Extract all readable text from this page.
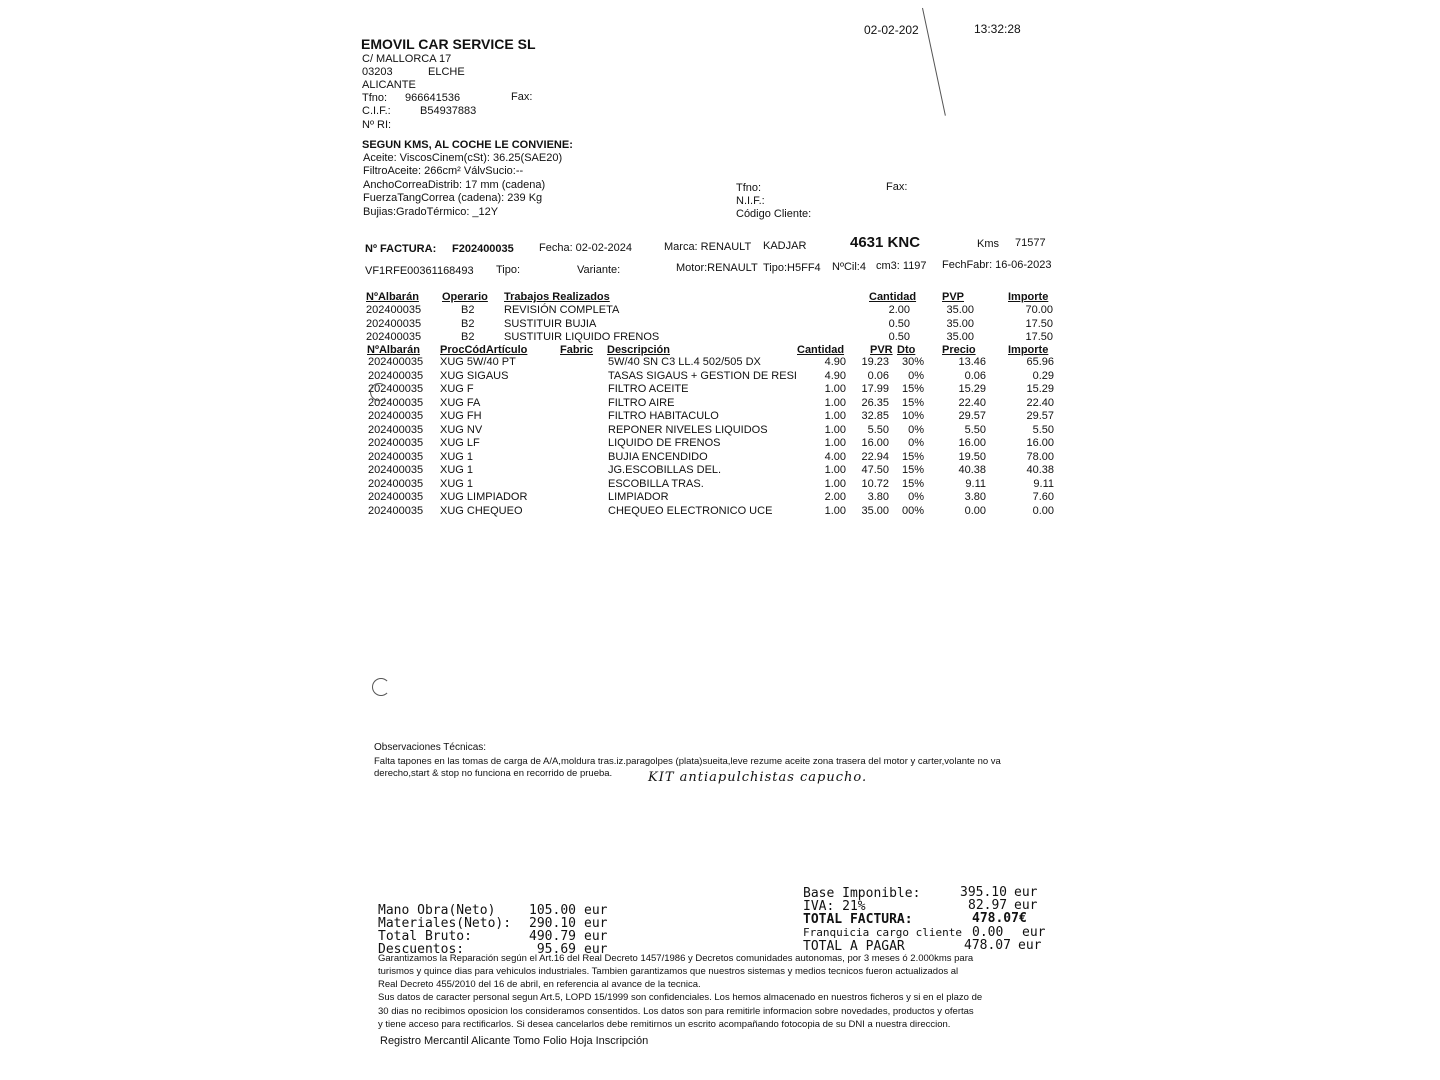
02-02-202	13:32:28
EMOVIL CAR SERVICE SL
C/ MALLORCA 17
03203	ELCHE
ALICANTE
Tfno: 966641536	Fax:
C.I.F.:	B54937883
Nº RI:
SEGUN KMS, AL COCHE LE CONVIENE:
Aceite: ViscosCinem(cSt): 36.25(SAE20)
FiltroAceite: 266cm² VálvSucio:--
AnchoCorreaDistrib: 17 mm (cadena)
FuerzaTangCorrea (cadena): 239 Kg
Bujias:GradoTérmico: _12Y
Tfno:	Fax:
N.I.F.:
Código Cliente:
Nº FACTURA: F202400035 Fecha: 02-02-2024	Marca: RENAULT KADJAR	4631 KNC	Kms 71577
VF1RFE00361168493 Tipo:	Variante:	Motor:RENAULT Tipo:H5FF4 NºCil:4 cm3: 1197 FechFabr: 16-06-2023
NºAlbarán Operario Trabajos Realizados	Cantidad PVP	Importe
202400035	B2	REVISIÓN COMPLETA	2.00	35.00	70.00
202400035	B2	SUSTITUIR BUJIA	0.50	35.00	17.50
202400035	B2	SUSTITUIR LIQUIDO FRENOS	0.50	35.00	17.50
NºAlbarán ProcCódArtículo	Fabric Descripción	Cantidad PVR Dto Precio	Importe
202400035 XUG 5W/40 PT	5W/40 SN C3 LL.4 502/505 DX	4.90 19.23 30%	13.46	65.96
202400035 XUG SIGAUS	TASAS SIGAUS + GESTION DE RESI	4.90 0.06 0%	0.06	0.29
202400035 XUG F	FILTRO ACEITE	1.00 17.99 15%	15.29	15.29
202400035 XUG FA	FILTRO AIRE	1.00 26.35 15%	22.40	22.40
202400035 XUG FH	FILTRO HABITACULO	1.00 32.85 10%	29.57	29.57
202400035 XUG NV	REPONER NIVELES LIQUIDOS	1.00 5.50 0%	5.50	5.50
202400035 XUG LF	LIQUIDO DE FRENOS	1.00 16.00 0%	16.00	16.00
202400035 XUG 1	BUJIA ENCENDIDO	4.00 22.94 15%	19.50	78.00
202400035 XUG 1	JG.ESCOBILLAS DEL.	1.00 47.50 15%	40.38	40.38
202400035 XUG 1	ESCOBILLA TRAS.	1.00 10.72 15%	9.11	9.11
202400035 XUG LIMPIADOR	LIMPIADOR	2.00 3.80 0%	3.80	7.60
202400035 XUG CHEQUEO	CHEQUEO ELECTRONICO UCE	1.00 35.00 00%	0.00	0.00
Observaciones Técnicas:
Falta tapones en las tomas de carga de A/A,moldura tras.iz.paragolpes (plata)sueita,leve rezume aceite zona trasera del motor y carter,volante no va
derecho,start & stop no funciona en recorrido de prueba.	KIT antiapulchistas capucho.
Mano Obra(Neto)	105.00 eur
Materiales(Neto): 290.10 eur
Total Bruto:	490.79 eur
Descuentos:	95.69 eur
Base Imponible:	395.10 eur
IVA: 21%	82.97 eur
TOTAL FACTURA:	478.07€
Franquicia cargo cliente 0.00 eur
TOTAL A PAGAR	478.07 eur
Garantizamos la Reparación según el Art.16 del Real Decreto 1457/1986 y Decretos comunidades autonomas, por 3 meses ó 2.000kms para
turismos y quince dias para vehiculos industriales. Tambien garantizamos que nuestros sistemas y medios tecnicos fueron actualizados al
Real Decreto 455/2010 del 16 de abril, en referencia al avance de la tecnica.
Sus datos de caracter personal segun Art.5, LOPD 15/1999 son confidenciales. Los hemos almacenado en nuestros ficheros y si en el plazo de
30 dias no recibimos oposicion los consideramos consentidos. Los datos son para remitirle informacion sobre novedades, productos y ofertas
y tiene acceso para rectificarlos. Si desea cancelarlos debe remitirnos un escrito acompañando fotocopia de su DNI a nuestra direccion.
Registro Mercantil Alicante Tomo Folio Hoja Inscripción
